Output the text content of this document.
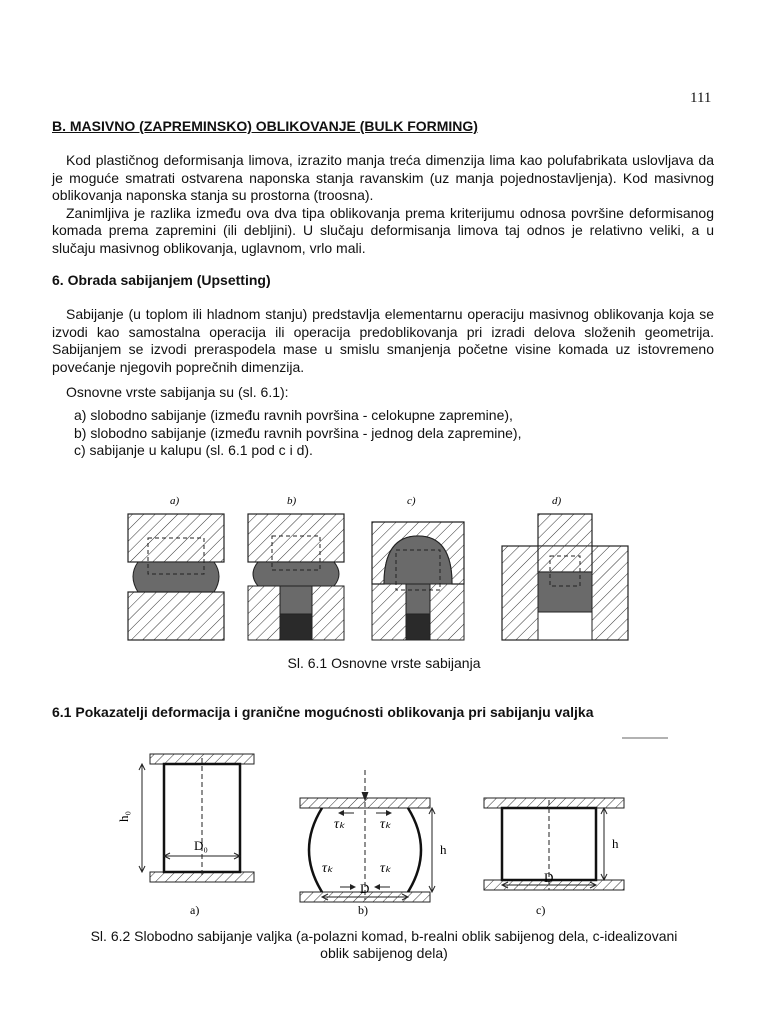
111
B. MASIVNO (ZAPREMINSKO) OBLIKOVANJE (BULK FORMING)

Kod plastičnog deformisanja limova, izrazito manja treća dimenzija lima kao polufabrikata uslovljava da je moguće smatrati ostvarena naponska stanja ravanskim (uz manja pojednostavljenja). Kod masivnog oblikovanja naponska stanja su prostorna (troosna).

Zanimljiva je razlika između ova dva tipa oblikovanja prema kriterijumu odnosa površine deformisanog komada prema zapremini (ili debljini). U slučaju deformisanja limova taj odnos je relativno veliki, a u slučaju masivnog oblikovanja, uglavnom, vrlo mali.

6. Obrada sabijanjem (Upsetting)

Sabijanje (u toplom ili hladnom stanju) predstavlja elementarnu operaciju masivnog oblikovanja koja se izvodi kao samostalna operacija ili operacija predoblikovanja pri izradi delova složenih geometrija. Sabijanjem se izvodi preraspodela mase u smislu smanjenja početne visine komada uz istovremeno povećanje njegovih poprečnih dimenzija.

Osnovne vrste sabijanja su (sl. 6.1):
a) slobodno sabijanje (između ravnih površina - celokupne zapremine),
b) slobodno sabijanje (između ravnih površina - jednog dela zapremine),
c) sabijanje u kalupu (sl. 6.1 pod c i d).
a)	b)	c)	d)
Sl. 6.1 Osnovne vrste sabijanja
6.1 Pokazatelji deformacija i granične mogućnosti oblikovanja pri sabijanju valjka
h₀
D₀
a)
τₖ	τₖ
τₖ	τₖ
h
D
b)
h
D
c)
Sl. 6.2 Slobodno sabijanje valjka (a-polazni komad, b-realni oblik sabijenog dela, c-idealizovani
oblik sabijenog dela)
